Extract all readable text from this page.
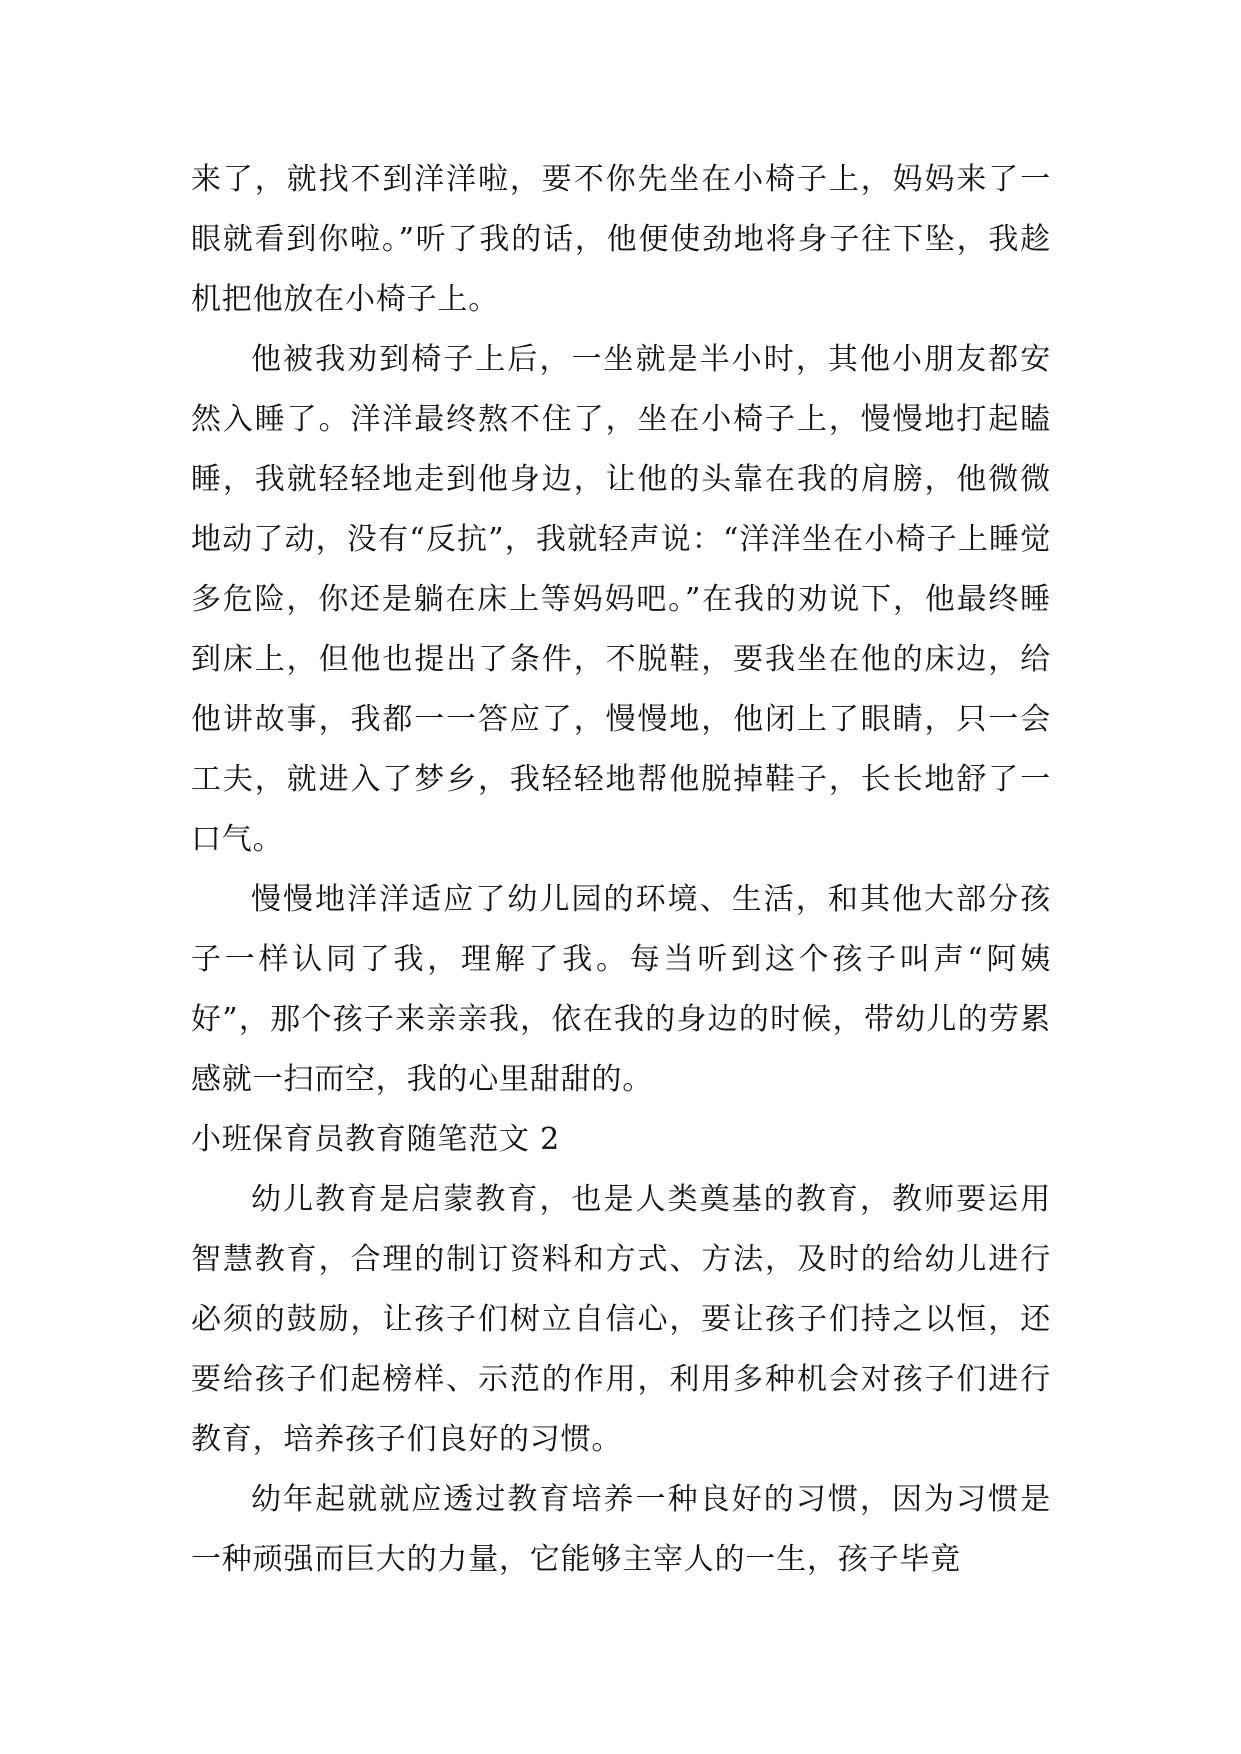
来了，就找不到洋洋啦，要不你先坐在小椅子上，妈妈来了一眼就看到你啦。”听了我的话，他便使劲地将身子往下坠，我趁机把他放在小椅子上。

他被我劝到椅子上后，一坐就是半小时，其他小朋友都安然入睡了。洋洋最终熬不住了，坐在小椅子上，慢慢地打起瞌睡，我就轻轻地走到他身边，让他的头靠在我的肩膀，他微微地动了动，没有“反抗”，我就轻声说：“洋洋坐在小椅子上睡觉多危险，你还是躺在床上等妈妈吧。”在我的劝说下，他最终睡到床上，但他也提出了条件，不脱鞋，要我坐在他的床边，给他讲故事，我都一一答应了，慢慢地，他闭上了眼睛，只一会工夫，就进入了梦乡，我轻轻地帮他脱掉鞋子，长长地舒了一口气。

慢慢地洋洋适应了幼儿园的环境、生活，和其他大部分孩子一样认同了我，理解了我。每当听到这个孩子叫声“阿姨好”，那个孩子来亲亲我，依在我的身边的时候，带幼儿的劳累感就一扫而空，我的心里甜甜的。

小班保育员教育随笔范文 2

幼儿教育是启蒙教育，也是人类奠基的教育，教师要运用智慧教育，合理的制订资料和方式、方法，及时的给幼儿进行必须的鼓励，让孩子们树立自信心，要让孩子们持之以恒，还要给孩子们起榜样、示范的作用，利用多种机会对孩子们进行教育，培养孩子们良好的习惯。

幼年起就就应透过教育培养一种良好的习惯，因为习惯是一种顽强而巨大的力量，它能够主宰人的一生，孩子毕竟
